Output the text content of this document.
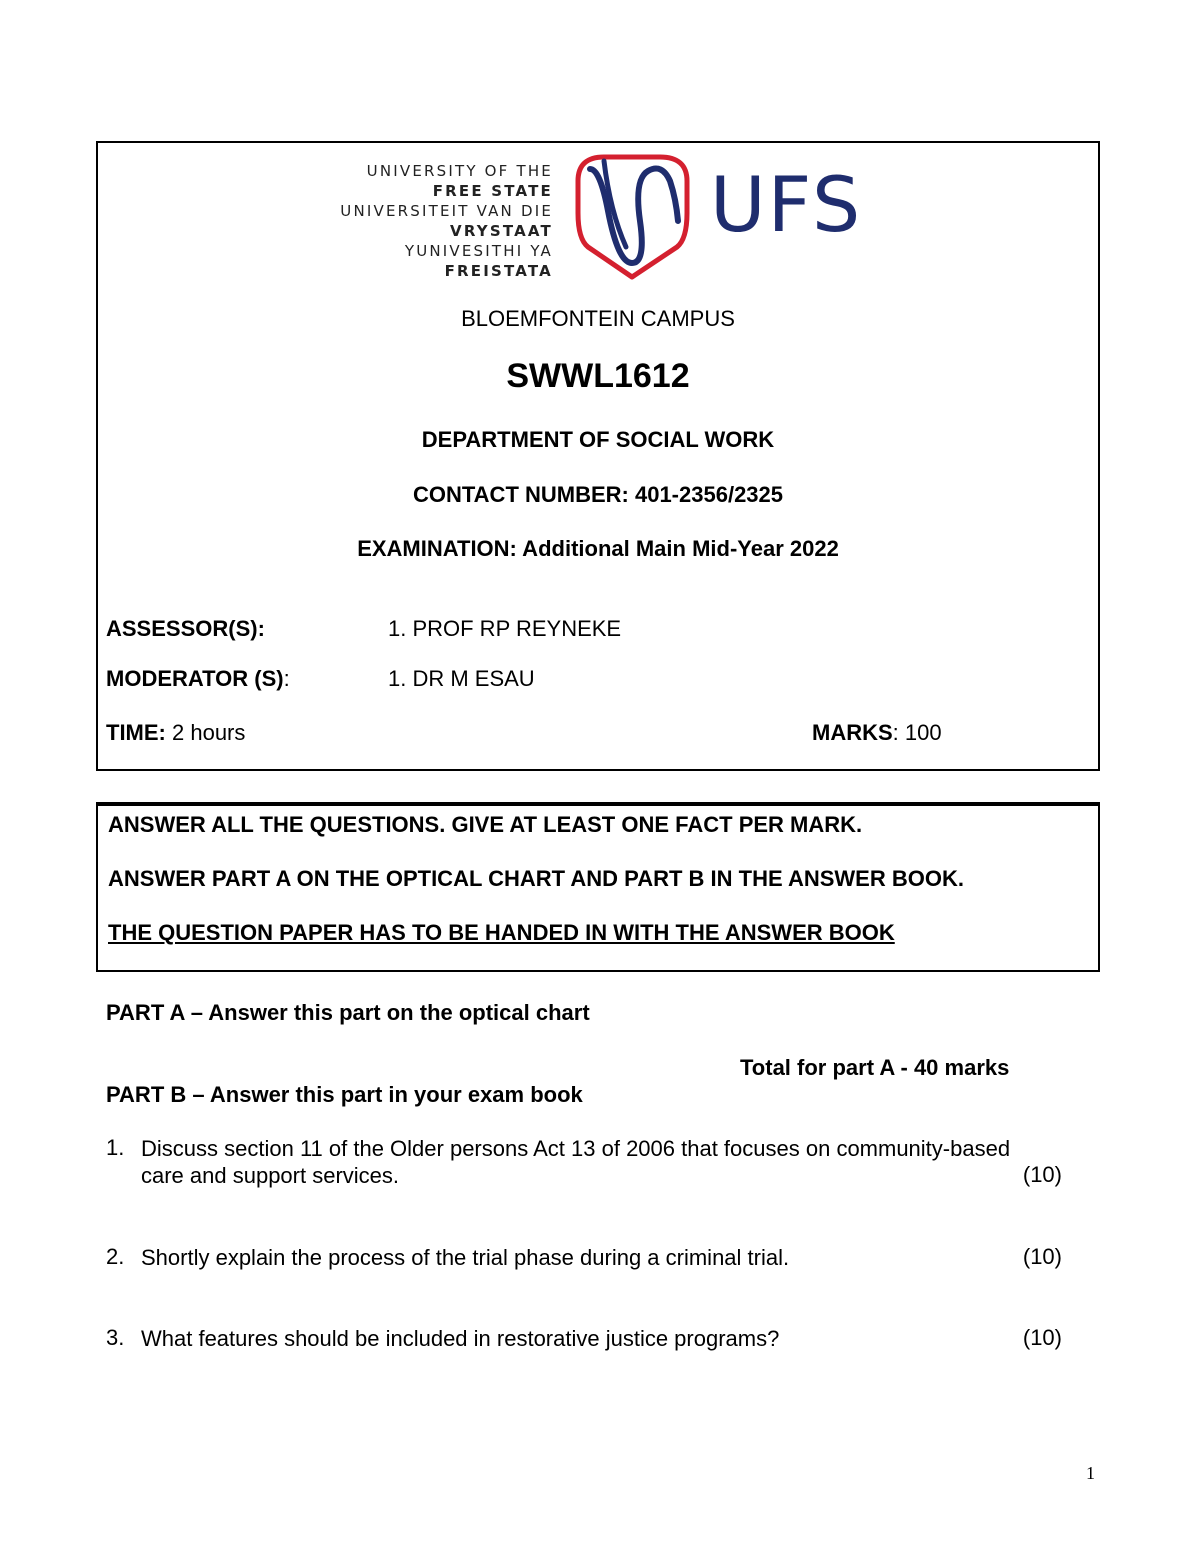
UNIVERSITY OF THE
FREE STATE
UNIVERSITEIT VAN DIE
VRYSTAAT
YUNIVESITHI YA
FREISTATA
UFS
BLOEMFONTEIN CAMPUS
SWWL1612
DEPARTMENT OF SOCIAL WORK
CONTACT NUMBER: 401-2356/2325
EXAMINATION: Additional Main Mid-Year 2022
ASSESSOR(S):	1. PROF RP REYNEKE
MODERATOR (S):	1. DR M ESAU
TIME: 2 hours	MARKS: 100
ANSWER ALL THE QUESTIONS. GIVE AT LEAST ONE FACT PER MARK.
ANSWER PART A ON THE OPTICAL CHART AND PART B IN THE ANSWER BOOK.
THE QUESTION PAPER HAS TO BE HANDED IN WITH THE ANSWER BOOK
PART A – Answer this part on the optical chart
Total for part A - 40 marks
PART B – Answer this part in your exam book
1. Discuss section 11 of the Older persons Act 13 of 2006 that focuses on community-based
care and support services.	(10)
2. Shortly explain the process of the trial phase during a criminal trial.	(10)
3. What features should be included in restorative justice programs?	(10)
1
